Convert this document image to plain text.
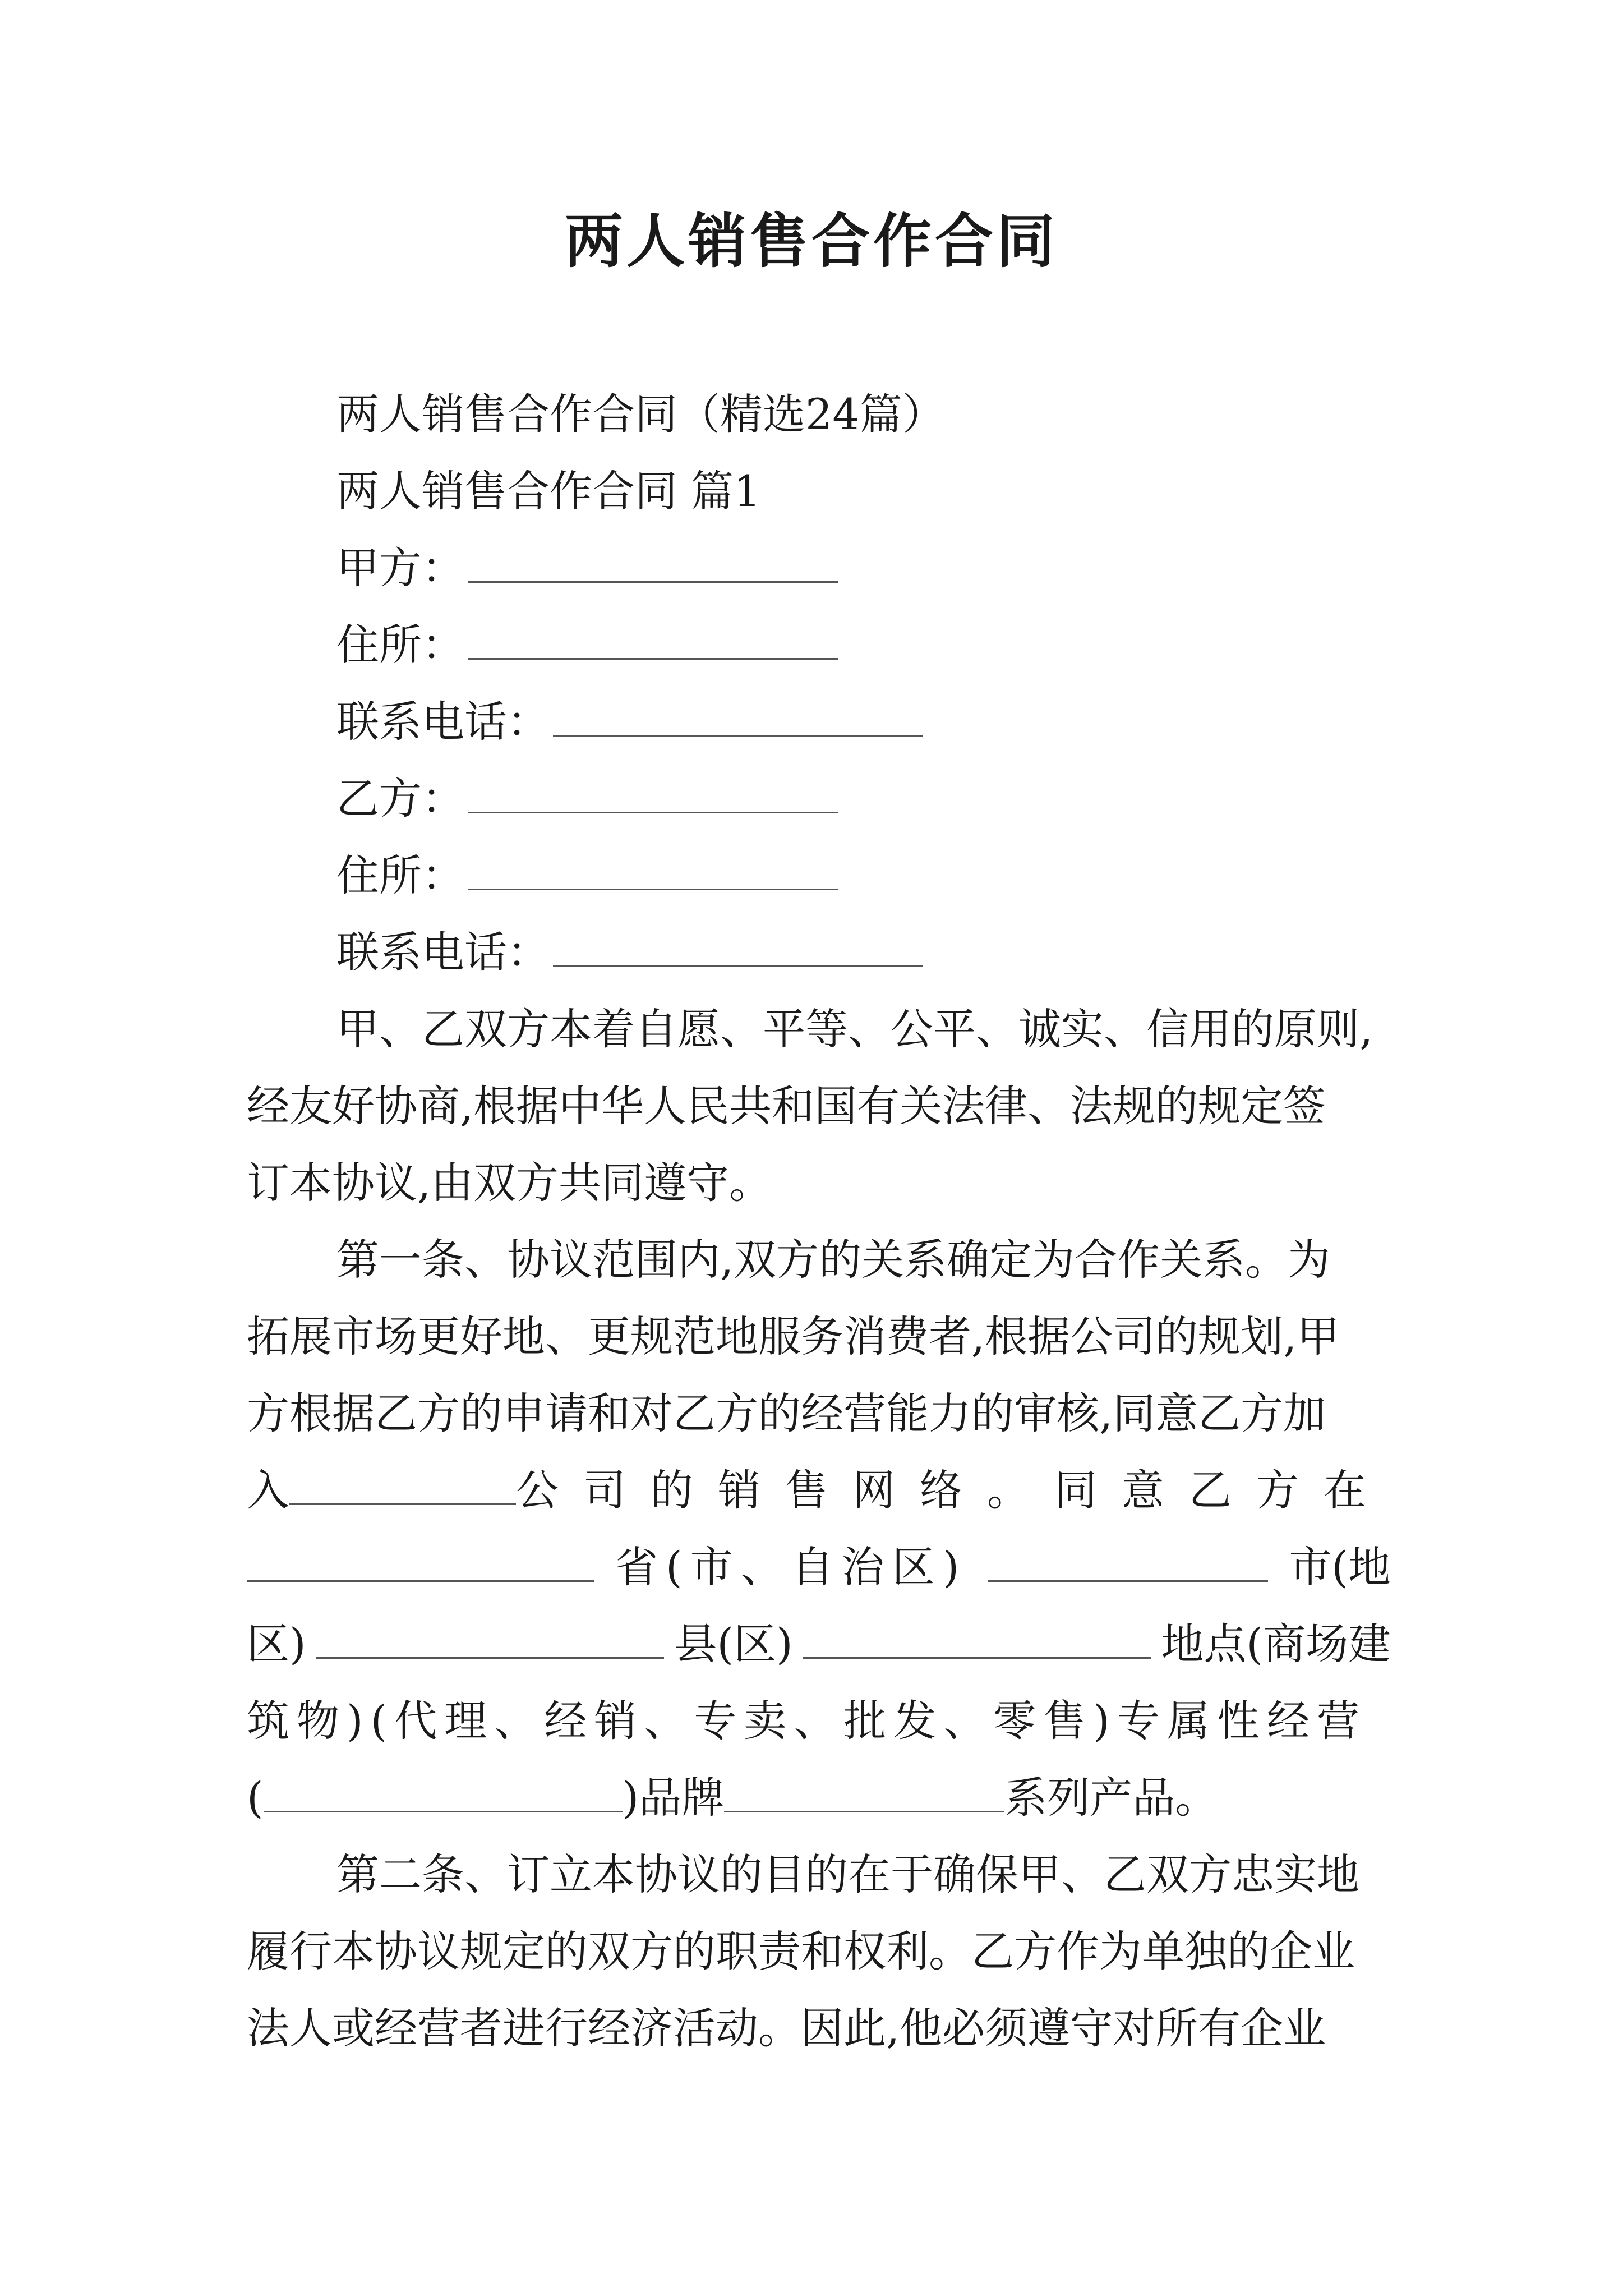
两人销售合作合同
两人销售合作合同（精选24篇）
两人销售合作合同 篇1
甲方：
住所：
联系电话：
乙方：
住所：
联系电话：
甲、乙双方本着自愿、平等、公平、诚实、信用的原则,
经友好协商,根据中华人民共和国有关法律、法规的规定签
订本协议,由双方共同遵守。
第一条、协议范围内,双方的关系确定为合作关系。为
拓展市场更好地、更规范地服务消费者,根据公司的规划,甲
方根据乙方的申请和对乙方的经营能力的审核,同意乙方加
入	公司的销售网络。同意乙方在
省(市、自治区)	市(地
区)	县(区)	地点(商场建
筑物)(代理、经销、专卖、批发、零售)专属性经营
(	)品牌	系列产品。
第二条、订立本协议的目的在于确保甲、乙双方忠实地
履行本协议规定的双方的职责和权利。乙方作为单独的企业
法人或经营者进行经济活动。因此,他必须遵守对所有企业
